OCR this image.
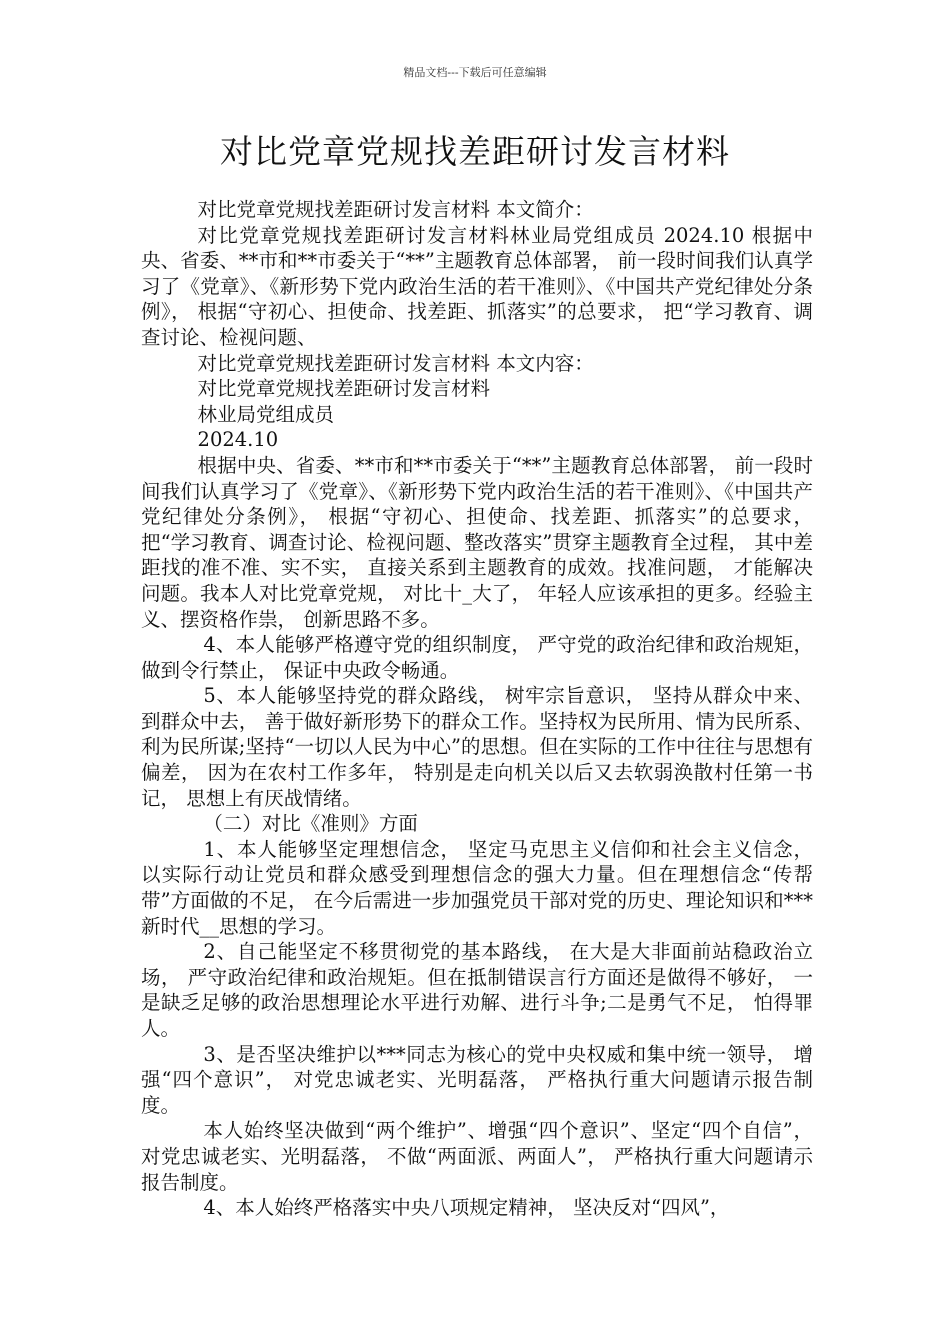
精品文档---下载后可任意编辑
对比党章党规找差距研讨发言材料

对比党章党规找差距研讨发言材料 本文简介：

对比党章党规找差距研讨发言材料林业局党组成员 2024.10 根据中央、省委、**市和**市委关于“**”主题教育总体部署， 前一段时间我们认真学习了《党章》、《新形势下党内政治生活的若干准则》、《中国共产党纪律处分条例》， 根据“守初心、担使命、找差距、抓落实”的总要求， 把“学习教育、调查讨论、检视问题、

对比党章党规找差距研讨发言材料 本文内容：

对比党章党规找差距研讨发言材料

林业局党组成员

2024.10

根据中央、省委、**市和**市委关于“**”主题教育总体部署， 前一段时间我们认真学习了《党章》、《新形势下党内政治生活的若干准则》、《中国共产党纪律处分条例》， 根据“守初心、担使命、找差距、抓落实”的总要求， 把“学习教育、调查讨论、检视问题、整改落实”贯穿主题教育全过程， 其中差距找的准不准、实不实， 直接关系到主题教育的成效。找准问题， 才能解决问题。我本人对比党章党规， 对比十_大了， 年轻人应该承担的更多。经验主义、摆资格作祟， 创新思路不多。

4、本人能够严格遵守党的组织制度， 严守党的政治纪律和政治规矩， 做到令行禁止， 保证中央政令畅通。

5、本人能够坚持党的群众路线， 树牢宗旨意识， 坚持从群众中来、到群众中去， 善于做好新形势下的群众工作。坚持权为民所用、情为民所系、利为民所谋;坚持“一切以人民为中心”的思想。但在实际的工作中往往与思想有偏差， 因为在农村工作多年， 特别是走向机关以后又去软弱涣散村任第一书记， 思想上有厌战情绪。

（二）对比《准则》方面

1、本人能够坚定理想信念， 坚定马克思主义信仰和社会主义信念， 以实际行动让党员和群众感受到理想信念的强大力量。但在理想信念“传帮带”方面做的不足， 在今后需进一步加强党员干部对党的历史、理论知识和***新时代__思想的学习。

2、自己能坚定不移贯彻党的基本路线， 在大是大非面前站稳政治立场， 严守政治纪律和政治规矩。但在抵制错误言行方面还是做得不够好， 一是缺乏足够的政治思想理论水平进行劝解、进行斗争;二是勇气不足， 怕得罪人。

3、是否坚决维护以***同志为核心的党中央权威和集中统一领导， 增强“四个意识”， 对党忠诚老实、光明磊落， 严格执行重大问题请示报告制度。

本人始终坚决做到“两个维护”、增强“四个意识”、坚定“四个自信”， 对党忠诚老实、光明磊落， 不做“两面派、两面人”， 严格执行重大问题请示报告制度。

4、本人始终严格落实中央八项规定精神， 坚决反对“四风”，
